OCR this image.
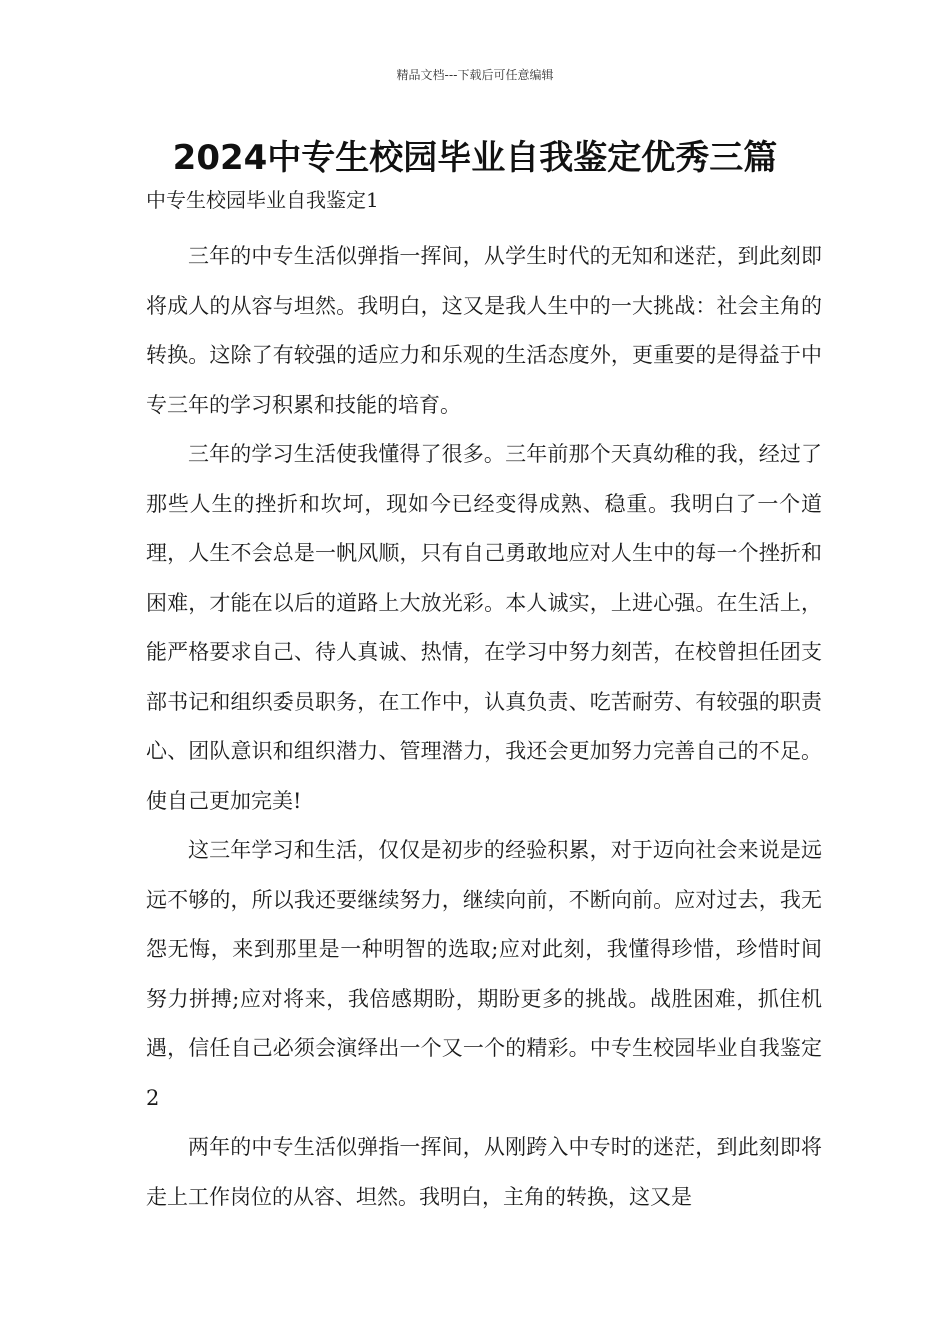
精品文档---下载后可任意编辑
2024中专生校园毕业自我鉴定优秀三篇

中专生校园毕业自我鉴定1

三年的中专生活似弹指一挥间，从学生时代的无知和迷茫，到此刻即将成人的从容与坦然。我明白，这又是我人生中的一大挑战：社会主角的转换。这除了有较强的适应力和乐观的生活态度外，更重要的是得益于中专三年的学习积累和技能的培育。

三年的学习生活使我懂得了很多。三年前那个天真幼稚的我，经过了那些人生的挫折和坎坷，现如今已经变得成熟、稳重。我明白了一个道理，人生不会总是一帆风顺，只有自己勇敢地应对人生中的每一个挫折和困难，才能在以后的道路上大放光彩。本人诚实，上进心强。在生活上，能严格要求自己、待人真诚、热情，在学习中努力刻苦，在校曾担任团支部书记和组织委员职务，在工作中，认真负责、吃苦耐劳、有较强的职责心、团队意识和组织潜力、管理潜力，我还会更加努力完善自己的不足。使自己更加完美!

这三年学习和生活，仅仅是初步的经验积累，对于迈向社会来说是远远不够的，所以我还要继续努力，继续向前，不断向前。应对过去，我无怨无悔，来到那里是一种明智的选取;应对此刻，我懂得珍惜，珍惜时间努力拼搏;应对将来，我倍感期盼，期盼更多的挑战。战胜困难，抓住机遇，信任自己必须会演绎出一个又一个的精彩。中专生校园毕业自我鉴定2

两年的中专生活似弹指一挥间，从刚跨入中专时的迷茫，到此刻即将走上工作岗位的从容、坦然。我明白，主角的转换，这又是
